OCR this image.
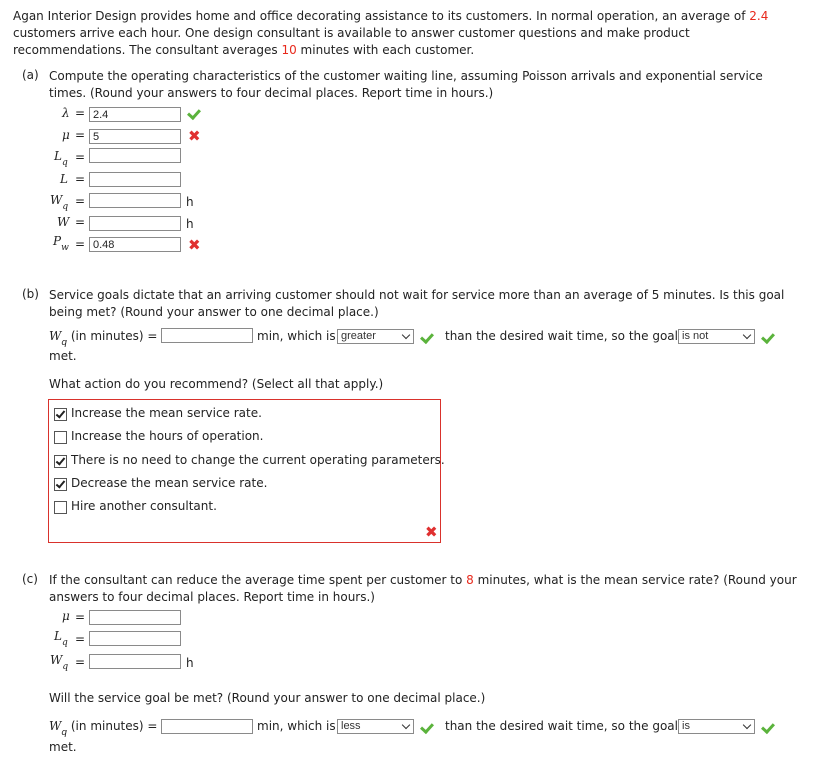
Agan Interior Design provides home and office decorating assistance to its customers. In normal operation, an average of 2.4 customers arrive each hour. One design consultant is available to answer customer questions and make product recommendations. The consultant averages 10 minutes with each customer.
(a) Compute the operating characteristics of the customer waiting line, assuming Poisson arrivals and exponential service times. (Round your answers to four decimal places. Report time in hours.)
λ = 2.4
μ = 5	✖
$L_q$ =
L =
$W_q$ =	h
W =	h
$P_w = 0.48$	✖
(b) Service goals dictate that an arriving customer should not wait for service more than an average of 5 minutes. Is this goal being met? (Round your answer to one decimal place.)
$W_q$ (in minutes) =	min, which is greater	than the desired wait time, so the goal is not
met.
What action do you recommend? (Select all that apply.)
Increase the mean service rate.
Increase the hours of operation.
There is no need to change the current operating parameters.
Decrease the mean service rate.
Hire another consultant.
✖
(c) If the consultant can reduce the average time spent per customer to 8 minutes, what is the mean service rate? (Round your answers to four decimal places. Report time in hours.)
μ =
$L_q$ =
$W_q$ =	h
Will the service goal be met? (Round your answer to one decimal place.)
$W_q$ (in minutes) =	min, which is less	than the desired wait time, so the goal is
met.
